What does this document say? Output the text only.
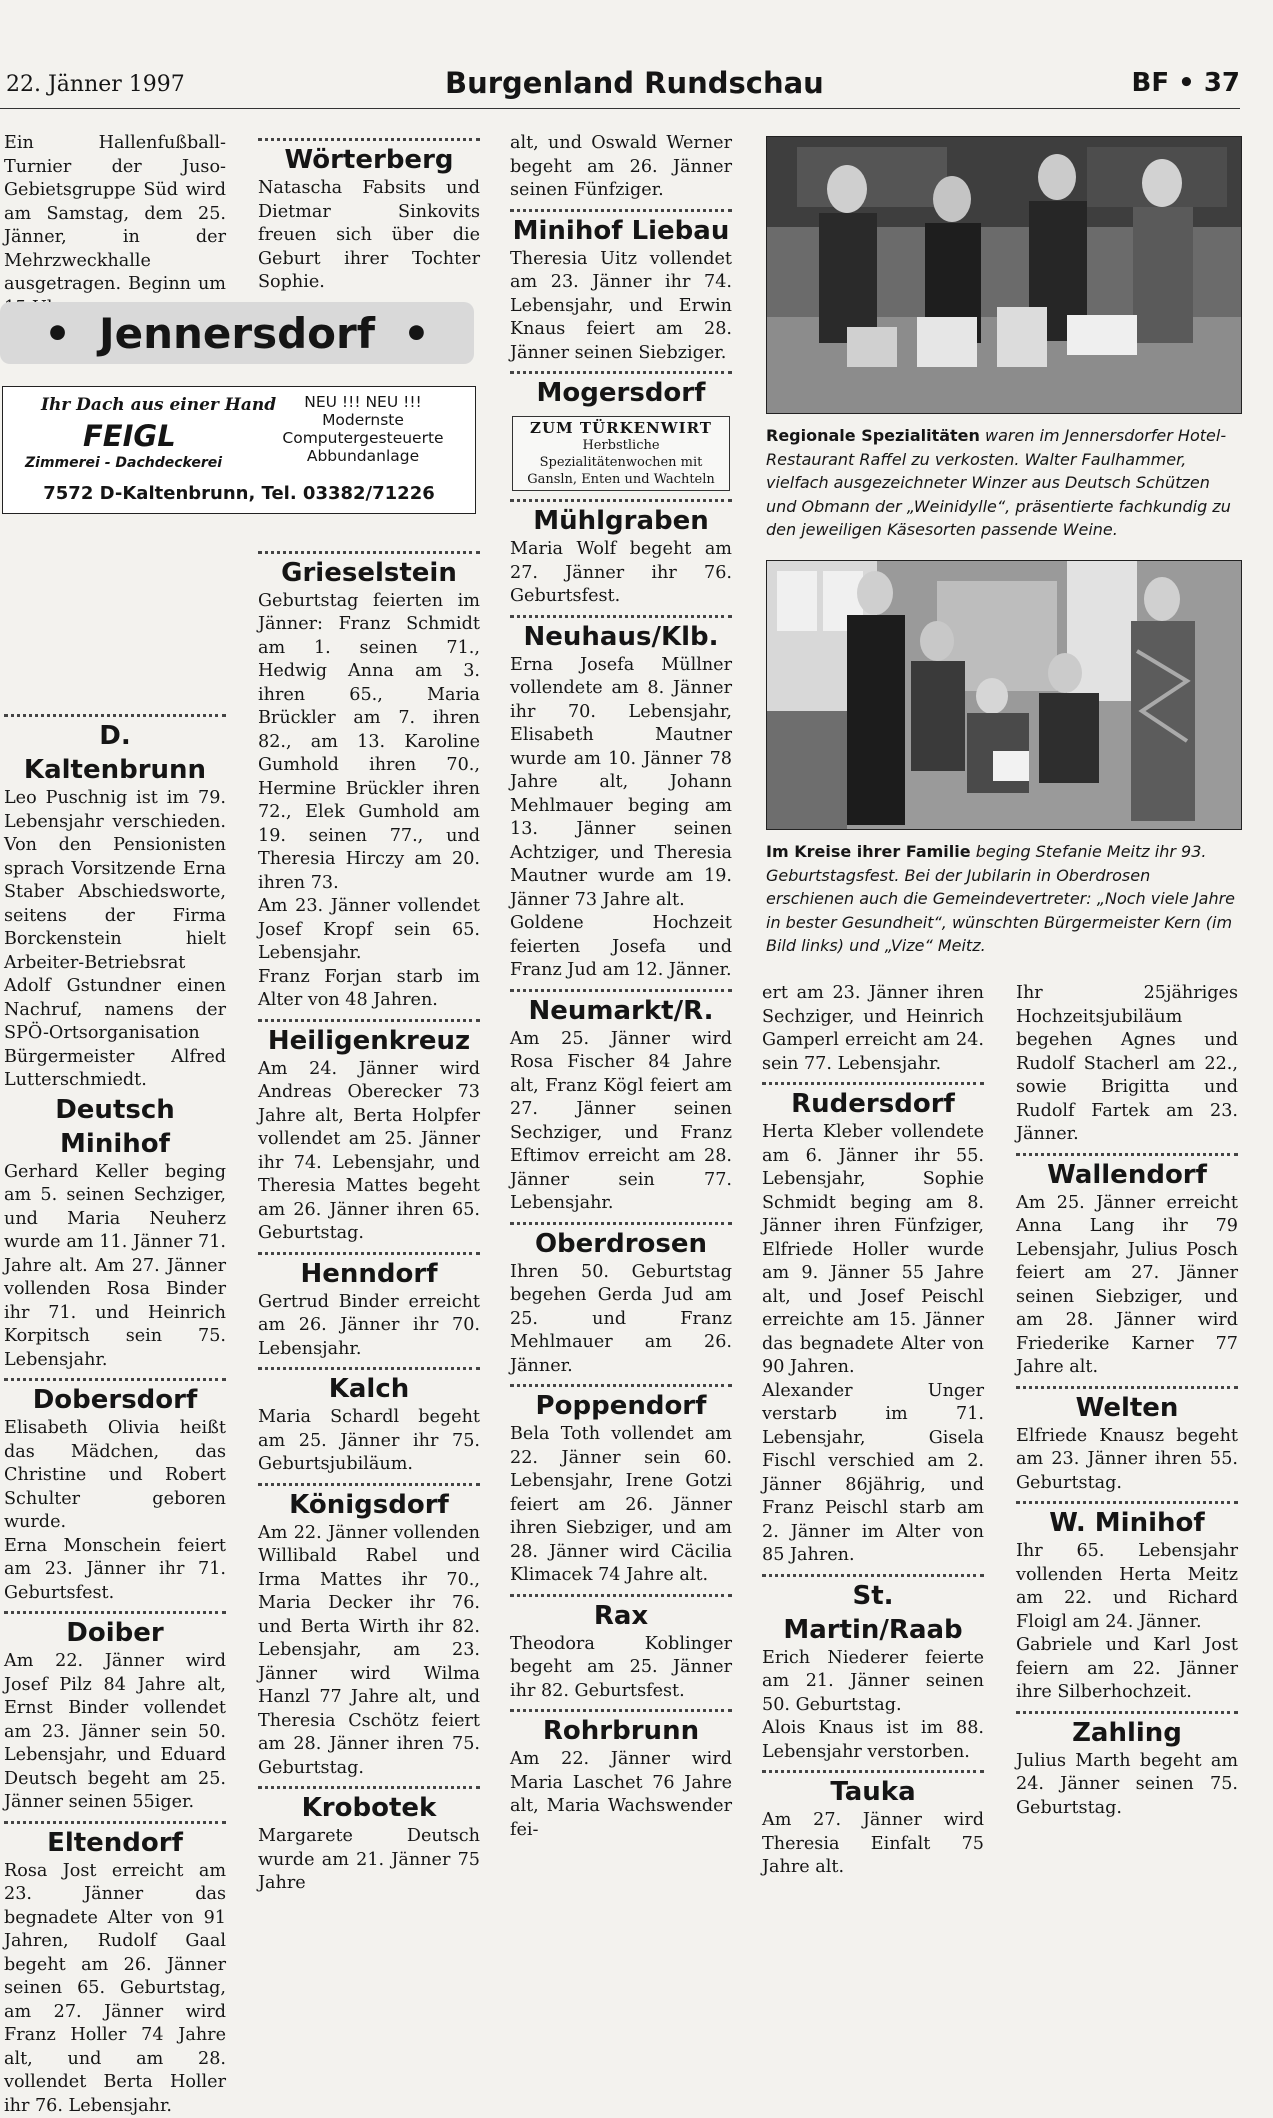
22. Jänner 1997	Burgenland Rundschau	BF • 37

Ein Hallenfußball-Turnier der Juso-Gebietsgruppe Süd wird am Samstag, dem 25. Jänner, in der Mehrzweckhalle ausgetragen. Beginn um

D. Kaltenbrunn

Leo Puschnig ist im 79. Lebensjahr verschieden. Von den Pensionisten sprach Vorsitzende Erna Staber Abschiedsworte, seitens der Firma Borckenstein hielt Arbeiter-Betriebsrat Adolf Gstundner einen Nachruf, namens der SPÖ-Ortsorganisation Bürgermeister Alfred Lutterschmiedt.

Deutsch Minihof

Gerhard Keller beging am 5. seinen Sechziger, und Maria Neuherz wurde am 11. Jänner 71. Jahre alt. Am 27. Jänner vollenden Rosa Binder ihr 71. und Heinrich Korpitsch sein 75. Lebensjahr.

Dobersdorf

Elisabeth Olivia heißt das Mädchen, das Christine und Robert Schulter geboren wurde.

Erna Monschein feiert am 23. Jänner ihr 71. Geburtsfest.

Doiber

Am 22. Jänner wird Josef Pilz 84 Jahre alt, Ernst Binder vollendet am 23. Jänner sein 50. Lebensjahr, und Eduard Deutsch begeht am 25. Jänner seinen 55iger.

Eltendorf

Rosa Jost erreicht am 23. Jänner das begnadete Alter von 91 Jahren, Rudolf Gaal begeht am 26. Jänner seinen 65. Geburtstag, am 27. Jänner wird Franz Holler 74 Jahre alt, und am 28. vollendet Berta Holler ihr 76. Lebensjahr.

• Jennersdorf •
Ihr Dach aus einer Hand
FEIGL
Zimmerei - Dachdeckerei
NEU !!! NEU !!!
Modernste
Computergesteuerte
Abbundanlage
7572 D-Kaltenbrunn, Tel. 03382/71226
Wörterberg

Natascha Fabsits und Dietmar Sinkovits freuen sich über die Geburt ihrer Tochter Sophie.

Grieselstein

Geburtstag feierten im Jänner: Franz Schmidt am 1. seinen 71., Hedwig Anna am 3. ihren 65., Maria Brückler am 7. ihren 82., am 13. Karoline Gumhold ihren 70., Hermine Brückler ihren 72., Elek Gumhold am 19. seinen 77., und Theresia Hirczy am 20. ihren 73.

Am 23. Jänner vollendet Josef Kropf sein 65. Lebensjahr.

Franz Forjan starb im Alter von 48 Jahren.

Heiligenkreuz

Am 24. Jänner wird Andreas Oberecker 73 Jahre alt, Berta Holpfer vollendet am 25. Jänner ihr 74. Lebensjahr, und Theresia Mattes begeht am 26. Jänner ihren 65. Geburtstag.

Henndorf

Gertrud Binder erreicht am 26. Jänner ihr 70. Lebensjahr.

Kalch

Maria Schardl begeht am 25. Jänner ihr 75. Geburtsjubiläum.

Königsdorf

Am 22. Jänner vollenden Willibald Rabel und Irma Mattes ihr 70., Maria Decker ihr 76. und Berta Wirth ihr 82. Lebensjahr, am 23. Jänner wird Wilma Hanzl 77 Jahre alt, und Theresia Cschötz feiert am 28. Jänner ihren 75. Geburtstag.

Krobotek

Margarete Deutsch wurde am 21. Jänner 75 Jahre

alt, und Oswald Werner begeht am 26. Jänner seinen Fünfziger.

Minihof Liebau

Theresia Uitz vollendet am 23. Jänner ihr 74. Lebensjahr, und Erwin Knaus feiert am 28. Jänner seinen Siebziger.

Mogersdorf
ZUM TÜRKENWIRT
Herbstliche Spezialitätenwochen mit Gansln, Enten und Wachteln
Mühlgraben

Maria Wolf begeht am 27. Jänner ihr 76. Geburtsfest.

Neuhaus/Klb.

Erna Josefa Müllner vollendete am 8. Jänner ihr 70. Lebensjahr, Elisabeth Mautner wurde am 10. Jänner 78 Jahre alt, Johann Mehlmauer beging am 13. Jänner seinen Achtziger, und Theresia Mautner wurde am 19. Jänner 73 Jahre alt.

Goldene Hochzeit feierten Josefa und Franz Jud am 12. Jänner.

Neumarkt/R.

Am 25. Jänner wird Rosa Fischer 84 Jahre alt, Franz Kögl feiert am 27. Jänner seinen Sechziger, und Franz Eftimov erreicht am 28. Jänner sein 77. Lebensjahr.

Oberdrosen

Ihren 50. Geburtstag begehen Gerda Jud am 25. und Franz Mehlmauer am 26. Jänner.

Poppendorf

Bela Toth vollendet am 22. Jänner sein 60. Lebensjahr, Irene Gotzi feiert am 26. Jänner ihren Siebziger, und am 28. Jänner wird Cäcilia Klimacek 74 Jahre alt.

Rax

Theodora Koblinger begeht am 25. Jänner ihr 82. Geburtsfest.

Rohrbrunn

Am 22. Jänner wird Maria Laschet 76 Jahre alt, Maria Wachswender fei-

Regionale Spezialitäten waren im Jennersdorfer Hotel-Restaurant Raffel zu verkosten. Walter Faulhammer, vielfach ausgezeichneter Winzer aus Deutsch Schützen und Obmann der „Weinidylle“, präsentierte fachkundig zu den jeweiligen Käsesorten passende Weine.
Im Kreise ihrer Familie beging Stefanie Meitz ihr 93. Geburtstagsfest. Bei der Jubilarin in Oberdrosen erschienen auch die Gemeindevertreter: „Noch viele Jahre in bester Gesundheit“, wünschten Bürgermeister Kern (im Bild links) und „Vize“ Meitz.

ert am 23. Jänner ihren Sechziger, und Heinrich Gamperl erreicht am 24. sein 77. Lebensjahr.

Rudersdorf

Herta Kleber vollendete am 6. Jänner ihr 55. Lebensjahr, Sophie Schmidt beging am 8. Jänner ihren Fünfziger, Elfriede Holler wurde am 9. Jänner 55 Jahre alt, und Josef Peischl erreichte am 15. Jänner das begnadete Alter von 90 Jahren.

Alexander Unger verstarb im 71. Lebensjahr, Gisela Fischl verschied am 2. Jänner 86jährig, und Franz Peischl starb am 2. Jänner im Alter von 85 Jahren.

St. Martin/Raab

Erich Niederer feierte am 21. Jänner seinen 50. Geburtstag.

Alois Knaus ist im 88. Lebensjahr verstorben.

Tauka

Am 27. Jänner wird Theresia Einfalt 75 Jahre alt.

Ihr 25jähriges Hochzeitsjubiläum begehen Agnes und Rudolf Stacherl am 22., sowie Brigitta und Rudolf Fartek am 23. Jänner.

Wallendorf

Am 25. Jänner erreicht Anna Lang ihr 79 Lebensjahr, Julius Posch feiert am 27. Jänner seinen Siebziger, und am 28. Jänner wird Friederike Karner 77 Jahre alt.

Welten

Elfriede Knausz begeht am 23. Jänner ihren 55. Geburtstag.

W. Minihof

Ihr 65. Lebensjahr vollenden Herta Meitz am 22. und Richard Floigl am 24. Jänner.

Gabriele und Karl Jost feiern am 22. Jänner ihre Silberhochzeit.

Zahling

Julius Marth begeht am 24. Jänner seinen 75. Geburtstag.
